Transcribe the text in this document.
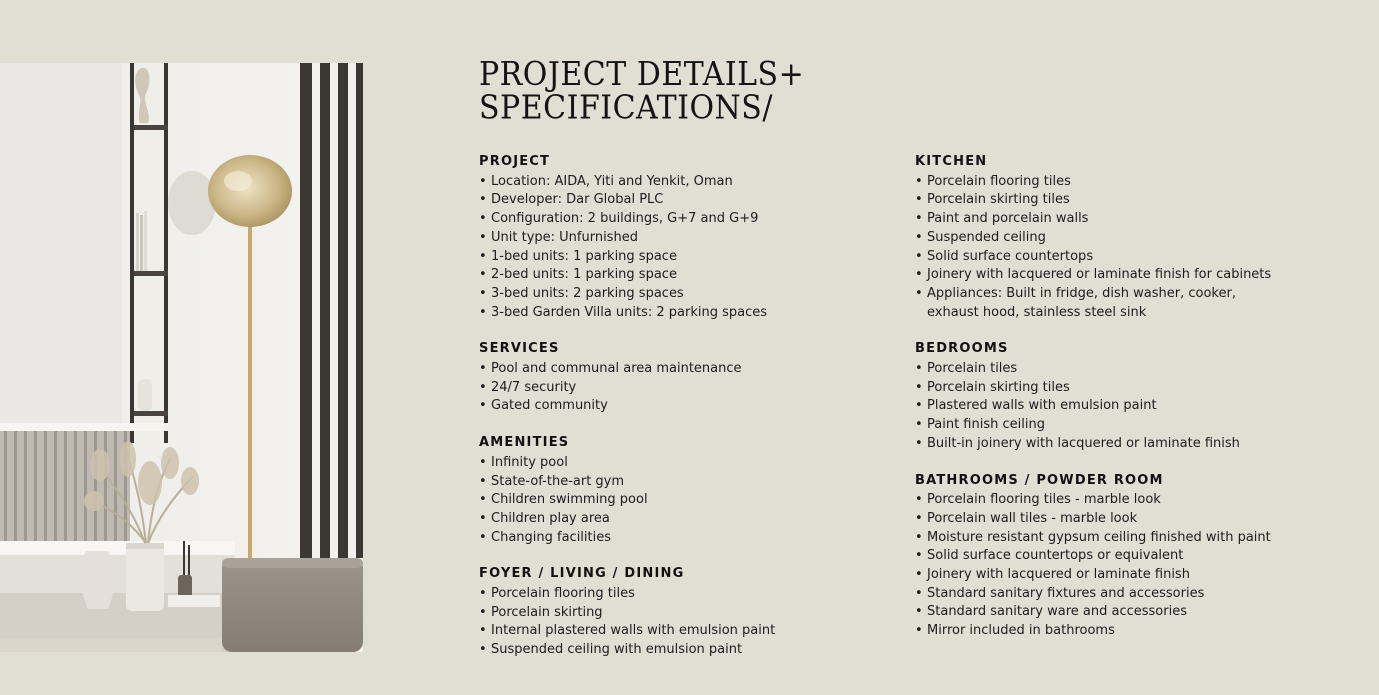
PROJECT DETAILS+
SPECIFICATIONS/
PROJECT
• Location: AIDA, Yiti and Yenkit, Oman
• Developer: Dar Global PLC
• Configuration: 2 buildings, G+7 and G+9
• Unit type: Unfurnished
• 1-bed units: 1 parking space
• 2-bed units: 1 parking space
• 3-bed units: 2 parking spaces
• 3-bed Garden Villa units: 2 parking spaces
SERVICES
• Pool and communal area maintenance
• 24/7 security
• Gated community
AMENITIES
• Infinity pool
• State-of-the-art gym
• Children swimming pool
• Children play area
• Changing facilities
FOYER / LIVING / DINING
• Porcelain flooring tiles
• Porcelain skirting
• Internal plastered walls with emulsion paint
• Suspended ceiling with emulsion paint
KITCHEN
• Porcelain flooring tiles
• Porcelain skirting tiles
• Paint and porcelain walls
• Suspended ceiling
• Solid surface countertops
• Joinery with lacquered or laminate finish for cabinets
• Appliances: Built in fridge, dish washer, cooker, exhaust hood, stainless steel sink
BEDROOMS
• Porcelain tiles
• Porcelain skirting tiles
• Plastered walls with emulsion paint
• Paint finish ceiling
• Built-in joinery with lacquered or laminate finish
BATHROOMS / POWDER ROOM
• Porcelain flooring tiles - marble look
• Porcelain wall tiles - marble look
• Moisture resistant gypsum ceiling finished with paint
• Solid surface countertops or equivalent
• Joinery with lacquered or laminate finish
• Standard sanitary fixtures and accessories
• Standard sanitary ware and accessories
• Mirror included in bathrooms
